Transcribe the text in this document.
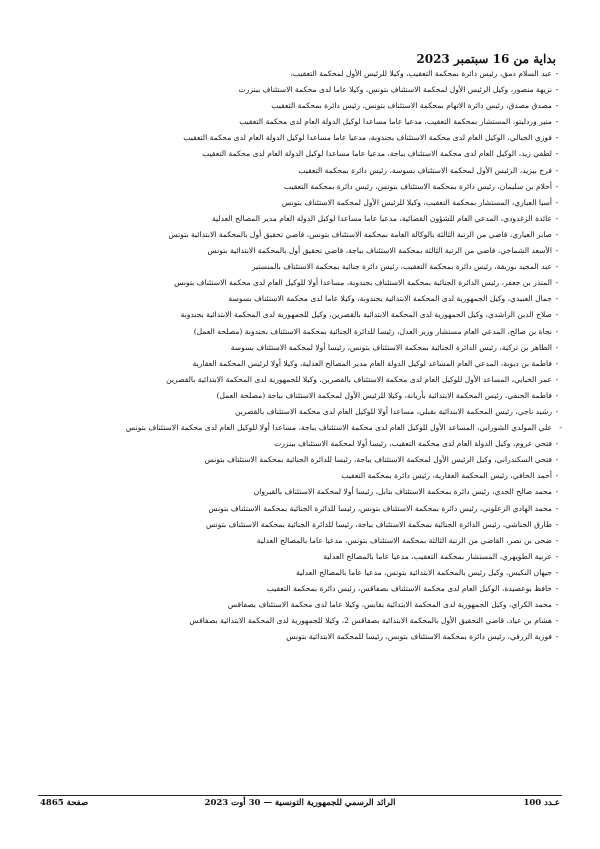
بداية من 16 سبتمبر 2023
-عبد السلام دمق، رئيس دائرة بمحكمة التعقيب، وكيلا للرئيس الأول لمحكمة التعقيب،
-نزيهة منصور، وكيل الرئيس الأول لمحكمة الاستئناف بتونس، وكيلا عاما لدى محكمة الاستئناف ببنزرت
-مصدق مصدق، رئيس دائرة الاتهام بمحكمة الاستئناف بتونس، رئيس دائرة بمحكمة التعقيب
-منير وردليتو، المستشار بمحكمة التعقيب، مدعيا عاما مساعدا لوكيل الدولة العام لدى محكمة التعقيب
-فوزي الجبالي، الوكيل العام لدى محكمة الاستئناف بجندوبة، مدعيا عاما مساعدا لوكيل الدولة العام لدى محكمة التعقيب
-لطفي زيد، الوكيل العام لدى محكمة الاستئناف بباجة، مدعيا عاما مساعدا لوكيل الدولة العام لدى محكمة التعقيب
-فرج بيزيد، الرئيس الأول لمحكمة الاستئناف بسوسة، رئيس دائرة بمحكمة التعقيب
-أحلام بن سليمان، رئيس دائرة بمحكمة الاستئناف بتونس، رئيس دائرة بمحكمة التعقيب
-أسيا العياري، المستشار بمحكمة التعقيب، وكيلا للرئيس الأول لمحكمة الاستئناف بتونس
-عائدة الزغدودي، المدعي العام للشؤون القضائية، مدعيا عاما مساعدا لوكيل الدولة العام مدير المصالح العدلية
-صابر العياري، قاضي من الرتبة الثالثة بالوكالة العامة بمحكمة الاستئناف بتونس، قاضي تحقيق أول بالمحكمة الابتدائية بتونس
-الأسعد الشماخي، قاضي من الرتبة الثالثة بمحكمة الاستئناف بباجة، قاضي تحقيق أول بالمحكمة الابتدائية بتونس
-عبد المجيد بوريقة، رئيس دائرة بمحكمة التعقيب، رئيس دائرة جنائية بمحكمة الاستئناف بالمنستير
-المنذر بن جعفر، رئيس الدائرة الجنائية بمحكمة الاستئناف بجندوبة، مساعدا أولا للوكيل العام لدى محكمة الاستئناف بتونس
-جمال العبيدي، وكيل الجمهورية لدى المحكمة الابتدائية بجندوبة، وكيلا عاما لدى محكمة الاستئناف بسوسة
-صلاح الدين الراشدي، وكيل الجمهورية لدى المحكمة الابتدائية بالقصرين، وكيل للجمهورية لدى المحكمة الابتدائية بجندوبة
-نجاة بن صالح، المدعي العام مستشار وزير العدل، رئيسا للدائرة الجنائية بمحكمة الاستئناف بجندوبة (مصلحة العمل)
-الطاهر بن تركية، رئيس الدائرة الجنائية بمحكمة الاستئناف بتونس، رئيسا أولا لمحكمة الاستئناف بسوسة
-فاطمة بن دبوبة، المدعي العام المساعد لوكيل الدولة العام مدير المصالح العدلية، وكيلا أولا لرئيس المحكمة العقارية
-عمر الخبابي، المساعد الأول للوكيل العام لدى محكمة الاستئناف بالقصرين، وكيلا للجمهورية لدى المحكمة الابتدائية بالقصرين
-فاطمة الحنفي، رئيس المحكمة الابتدائية بأريانة، وكيلا للرئيس الأول لمحكمة الاستئناف بباجة (مصلحة العمل)
-رشيد ناجي، رئيس المحكمة الابتدائية بقبلي، مساعدا أولا للوكيل العام لدى محكمة الاستئناف بالقصرين
-علي المولدي الشورابي، المساعد الأول للوكيل العام لدى محكمة الاستئناف بباجة، مساعدا أولا للوكيل العام لدى محكمة الاستئناف بتونس
-فتحي عروم، وكيل الدولة العام لدى محكمة التعقيب، رئيسا أولا لمحكمة الاستئناف ببنزرت
-فتحي السكندراني، وكيل الرئيس الأول لمحكمة الاستئناف بباجة، رئيسا للدائرة الجنائية بمحكمة الاستئناف بتونس
-أحمد الحافي، رئيس المحكمة العقارية، رئيس دائرة بمحكمة التعقيب
-محمد صالح الجدي، رئيس دائرة بمحكمة الاستئناف بنابل، رئيسا أولا لمحكمة الاستئناف بالقيروان
-محمد الهادي الزعلوني، رئيس دائرة بمحكمة الاستئناف بتونس، رئيسا للدائرة الجنائية بمحكمة الاستئناف بتونس
-طارق الحناشي، رئيس الدائرة الجنائية بمحكمة الاستئناف بباجة، رئيسا للدائرة الجنائية بمحكمة الاستئناف بتونس
-ضحى بن نصر، القاضي من الرتبة الثالثة بمحكمة الاستئناف بتونس، مدعيا عاما بالمصالح العدلية
-عربية الطويهري، المستشار بمحكمة التعقيب، مدعيا عاما بالمصالح العدلية
-جيهان النكيس، وكيل رئيس بالمحكمة الابتدائية بتونس، مدعيا عاما بالمصالح العدلية
-حافظ بوعصيدة، الوكيل العام لدى محكمة الاستئناف بصفاقس، رئيس دائرة بمحكمة التعقيب
-محمد الكراي، وكيل الجمهورية لدى المحكمة الابتدائية بقابس، وكيلا عاما لدى محكمة الاستئناف بصفاقس
-هشام بن عياد، قاضي التحقيق الأول بالمحكمة الابتدائية بصفاقس 2، وكيلا للجمهورية لدى المحكمة الابتدائية بصفاقس
-فوزية الزرقي، رئيس دائرة بمحكمة الاستئناف بتونس، رئيسا للمحكمة الابتدائية بتونس
عـدد 100
الرائد الرسمي للجمهورية التونسية — 30 أوت 2023
صفحة 4865
